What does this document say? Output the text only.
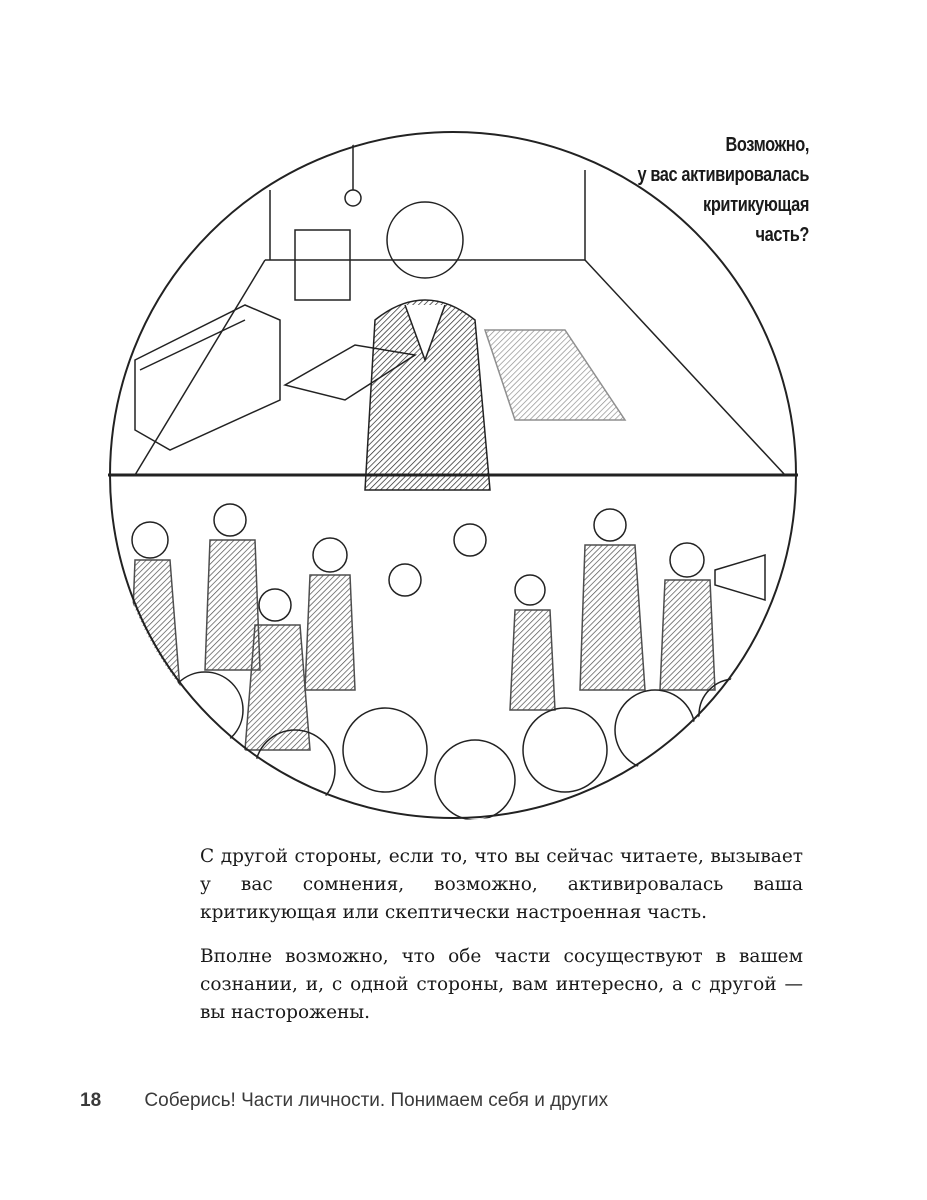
Возможно,
у вас активировалась
критикующая
часть?

С другой стороны, если то, что вы сейчас читаете, вызывает у вас сомнения, возможно, активировалась ваша критикующая или скептически настроенная часть.

Вполне возможно, что обе части сосуществуют в вашем сознании, и, с одной стороны, вам интересно, а с другой — вы насторожены.

18 Соберись! Части личности. Понимаем себя и других
